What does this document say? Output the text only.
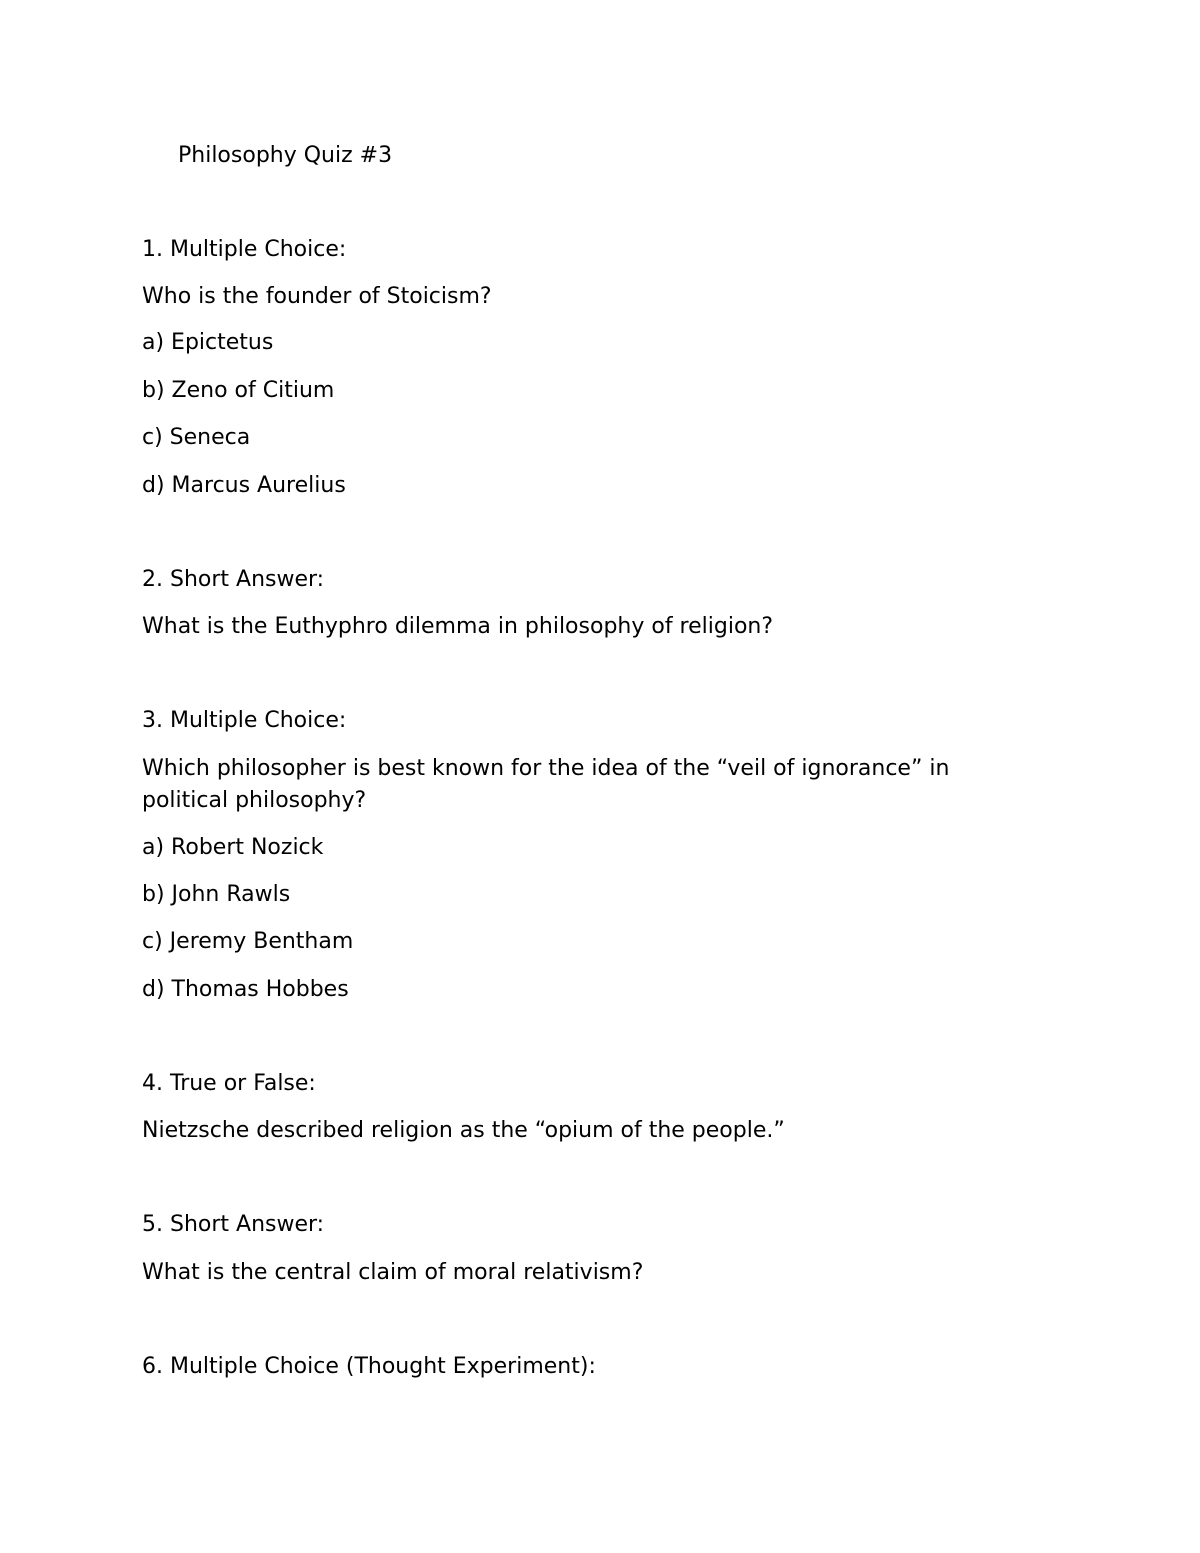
Philosophy Quiz #3

1. Multiple Choice:

Who is the founder of Stoicism?

a) Epictetus

b) Zeno of Citium

c) Seneca

d) Marcus Aurelius

2. Short Answer:

What is the Euthyphro dilemma in philosophy of religion?

3. Multiple Choice:

Which philosopher is best known for the idea of the “veil of ignorance” in political philosophy?

a) Robert Nozick

b) John Rawls

c) Jeremy Bentham

d) Thomas Hobbes

4. True or False:

Nietzsche described religion as the “opium of the people.”

5. Short Answer:

What is the central claim of moral relativism?

6. Multiple Choice (Thought Experiment):
